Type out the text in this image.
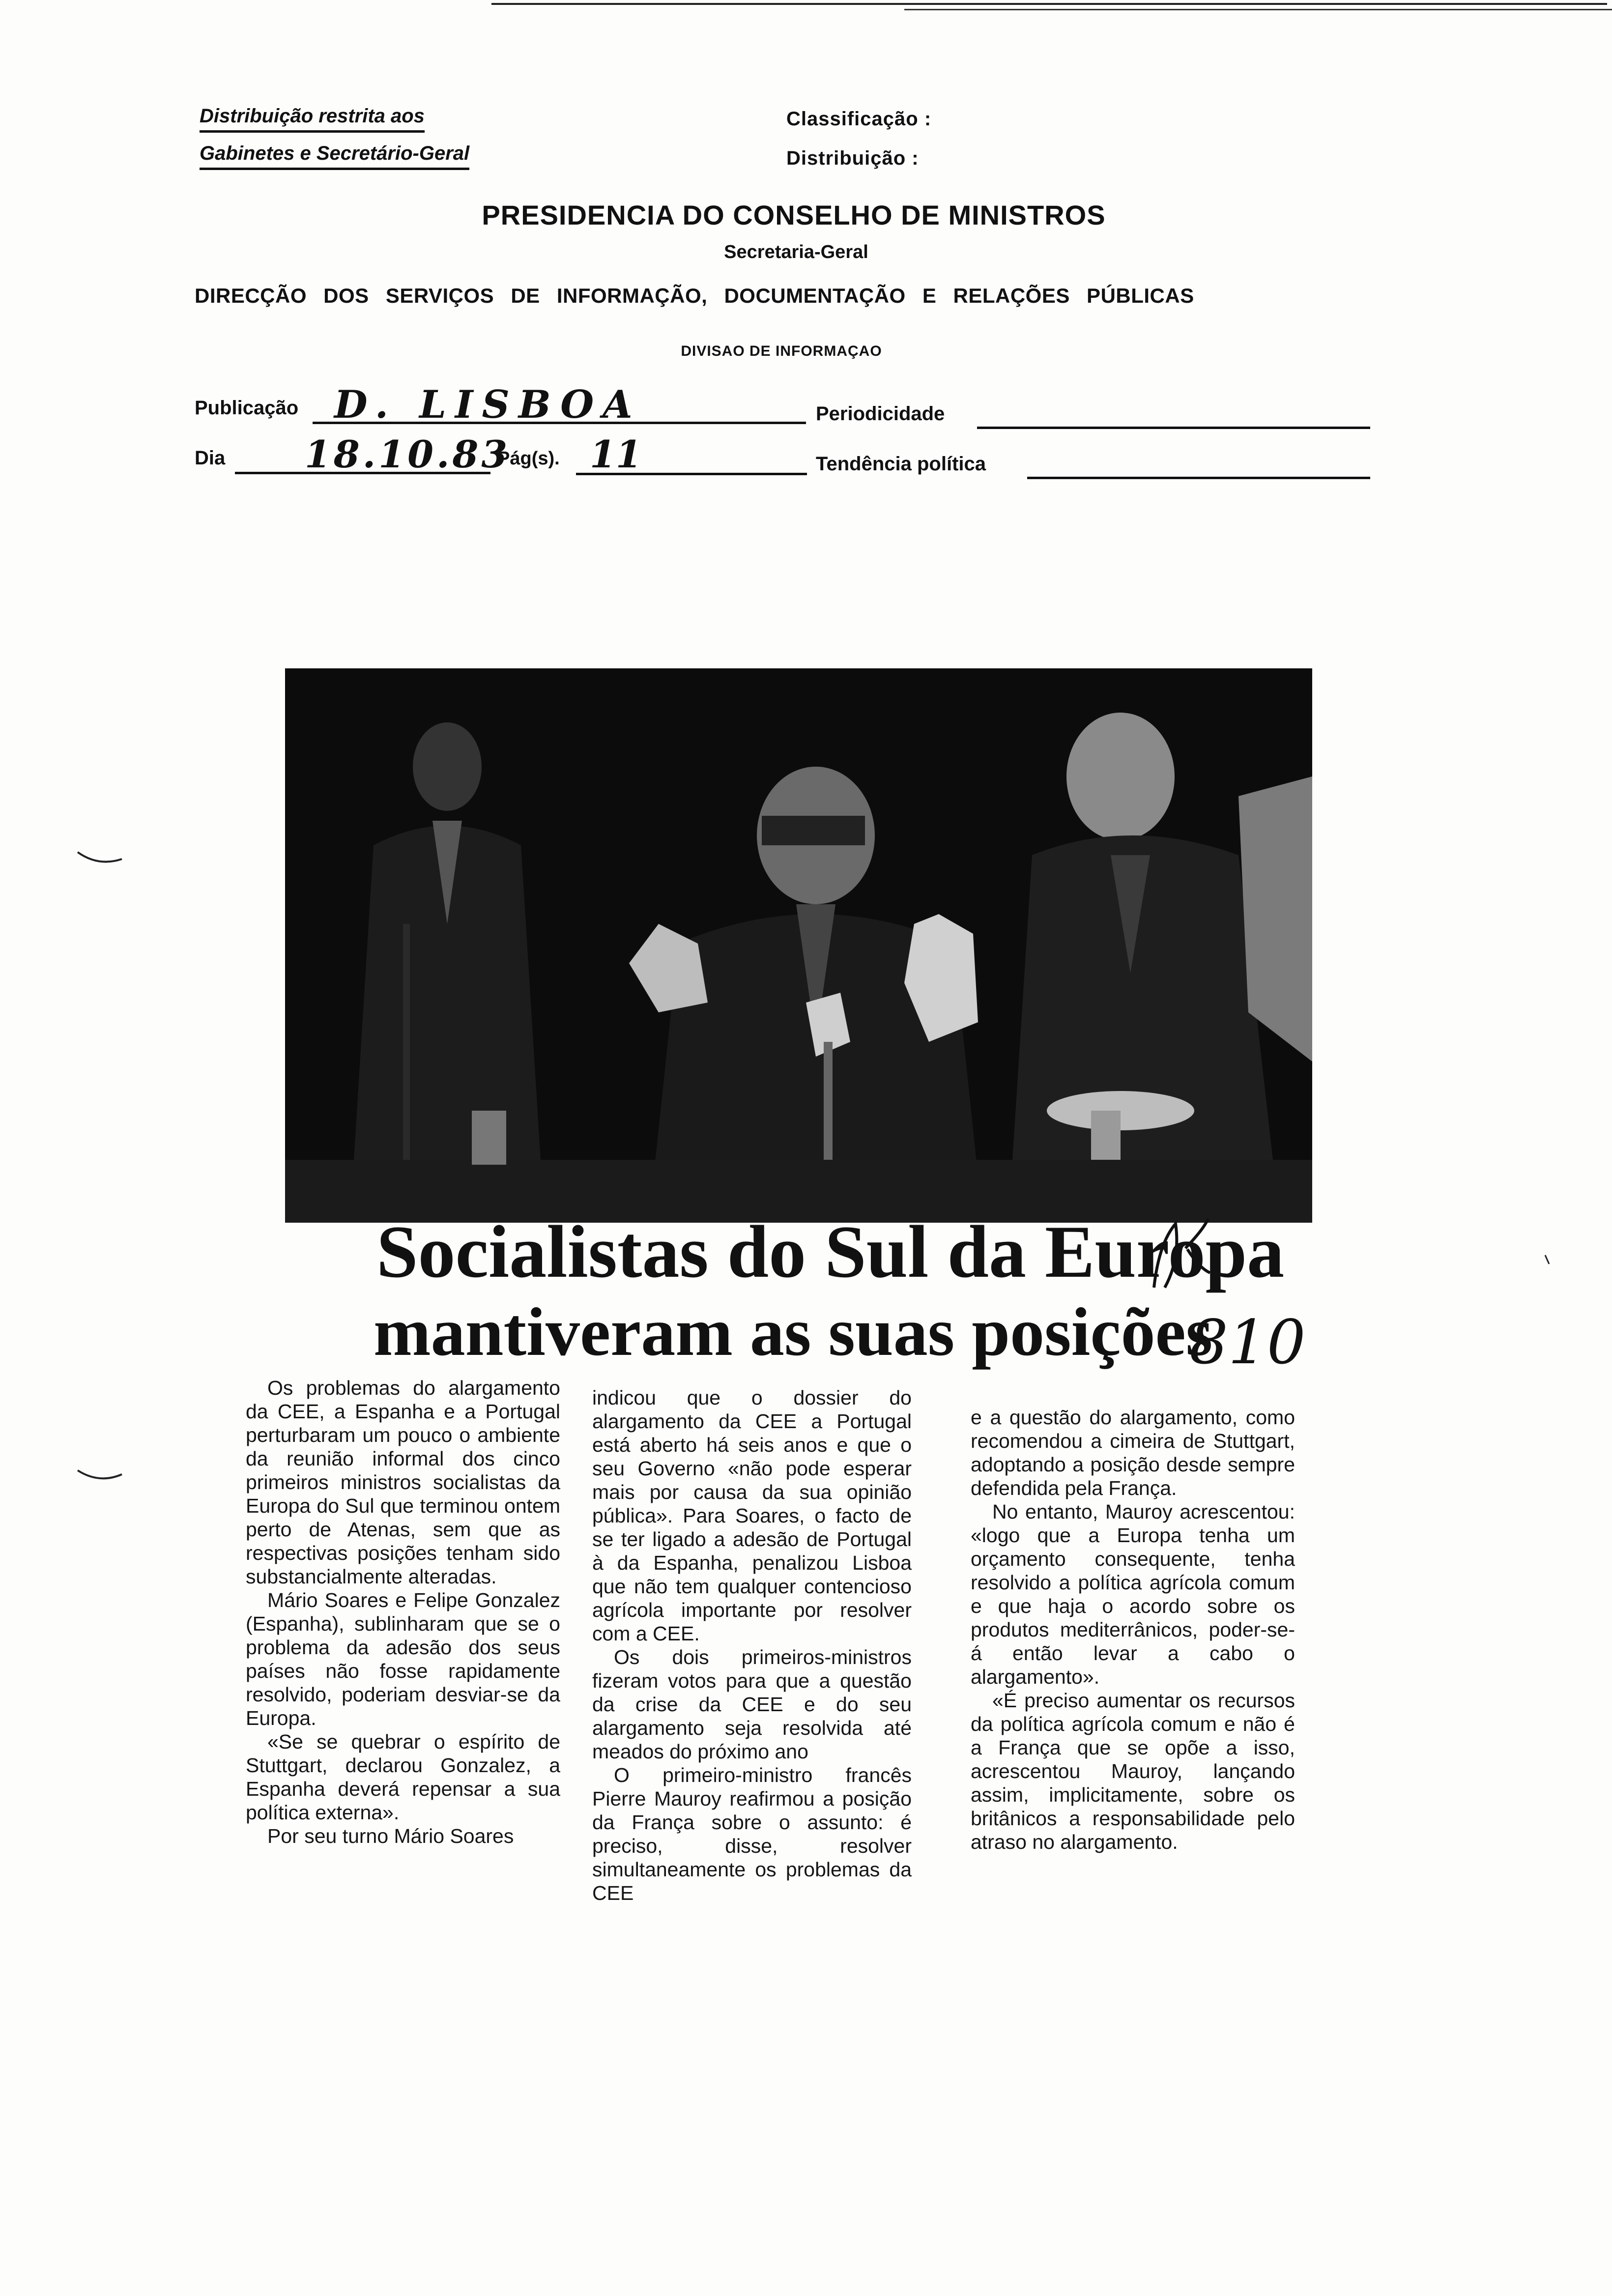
Distribuição restrita aos
Gabinetes e Secretário-Geral
Classificação :
Distribuição :
PRESIDENCIA DO CONSELHO DE MINISTROS
Secretaria-Geral
DIRECÇÃO DOS SERVIÇOS DE INFORMAÇÃO, DOCUMENTAÇÃO E RELAÇÕES PÚBLICAS
DIVISAO DE INFORMAÇAO
Publicação D. LISBOA	Periodicidade
Dia 18.10.83
Pág(s). 11	Tendência política
Socialistas do Sul da Europa
mantiveram as suas posições
810

Os problemas do alargamento da CEE, a Espanha e a Portugal perturbaram um pouco o ambiente da reunião informal dos cinco primeiros ministros socialistas da Europa do Sul que terminou ontem perto de Atenas, sem que as respectivas posições tenham sido substancialmente alteradas.

Mário Soares e Felipe Gonzalez (Espanha), sublinharam que se o problema da adesão dos seus países não fosse rapidamente resolvido, poderiam desviar-se da Europa.

«Se se quebrar o espírito de Stuttgart, declarou Gonzalez, a Espanha deverá repensar a sua política externa».

Por seu turno Mário Soares

indicou que o dossier do alargamento da CEE a Portugal está aberto há seis anos e que o seu Governo «não pode esperar mais por causa da sua opinião pública». Para Soares, o facto de se ter ligado a adesão de Portugal à da Espanha, penalizou Lisboa que não tem qualquer contencioso agrícola importante por resolver com a CEE.

Os dois primeiros-ministros fizeram votos para que a questão da crise da CEE e do seu alargamento seja resolvida até meados do próximo ano

O primeiro-ministro francês Pierre Mauroy reafirmou a posição da França sobre o assunto: é preciso, disse, resolver simultaneamente os problemas da CEE

e a questão do alargamento, como recomendou a cimeira de Stuttgart, adoptando a posição desde sempre defendida pela França.

No entanto, Mauroy acrescentou: «logo que a Europa tenha um orçamento consequente, tenha resolvido a política agrícola comum e que haja o acordo sobre os produtos mediterrânicos, poder-se-á então levar a cabo o alargamento».

«É preciso aumentar os recursos da política agrícola comum e não é a França que se opõe a isso, acrescentou Mauroy, lançando assim, implicitamente, sobre os britânicos a responsabilidade pelo atraso no alargamento.
